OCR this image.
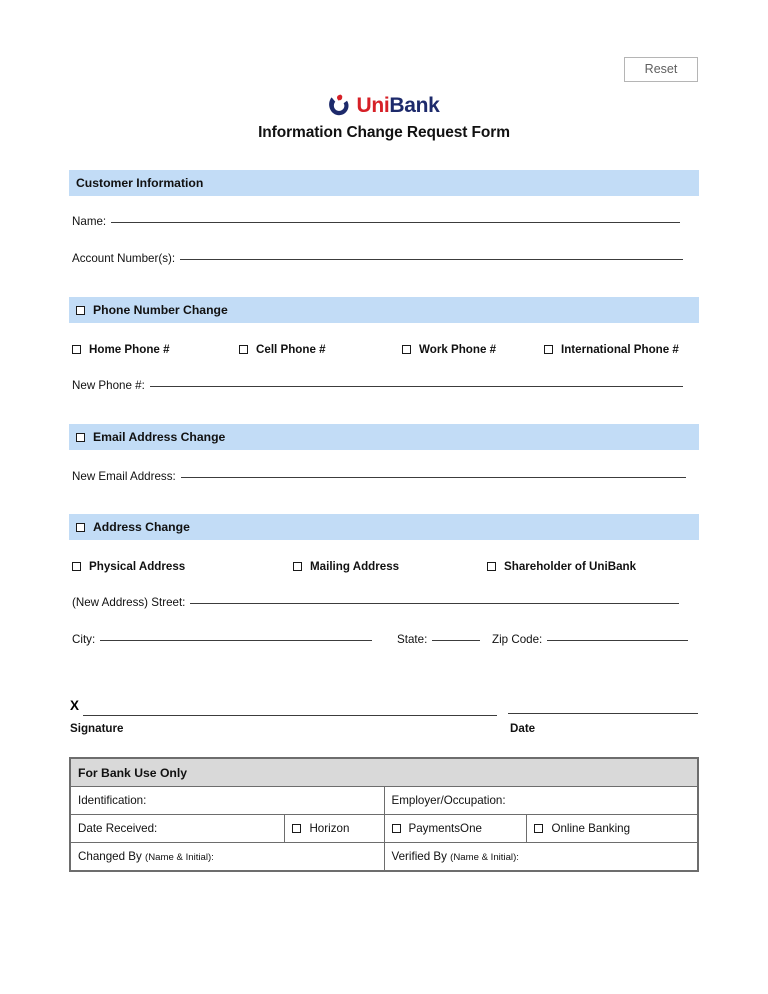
Reset
UniBank
Information Change Request Form
Customer Information
Name:
Account Number(s):
Phone Number Change
Home Phone #	Cell Phone #	Work Phone #	International Phone #
New Phone #:
Email Address Change
New Email Address:
Address Change
Physical Address	Mailing Address	Shareholder of UniBank
(New Address) Street:
City:	State:	Zip Code:
X
Signature	Date
For Bank Use Only			
Identification:		Employer/Occupation:	
Date Received:	Horizon	PaymentsOne	Online Banking

Changed By (Name & Initial):		Verified By (Name & Initial):	
